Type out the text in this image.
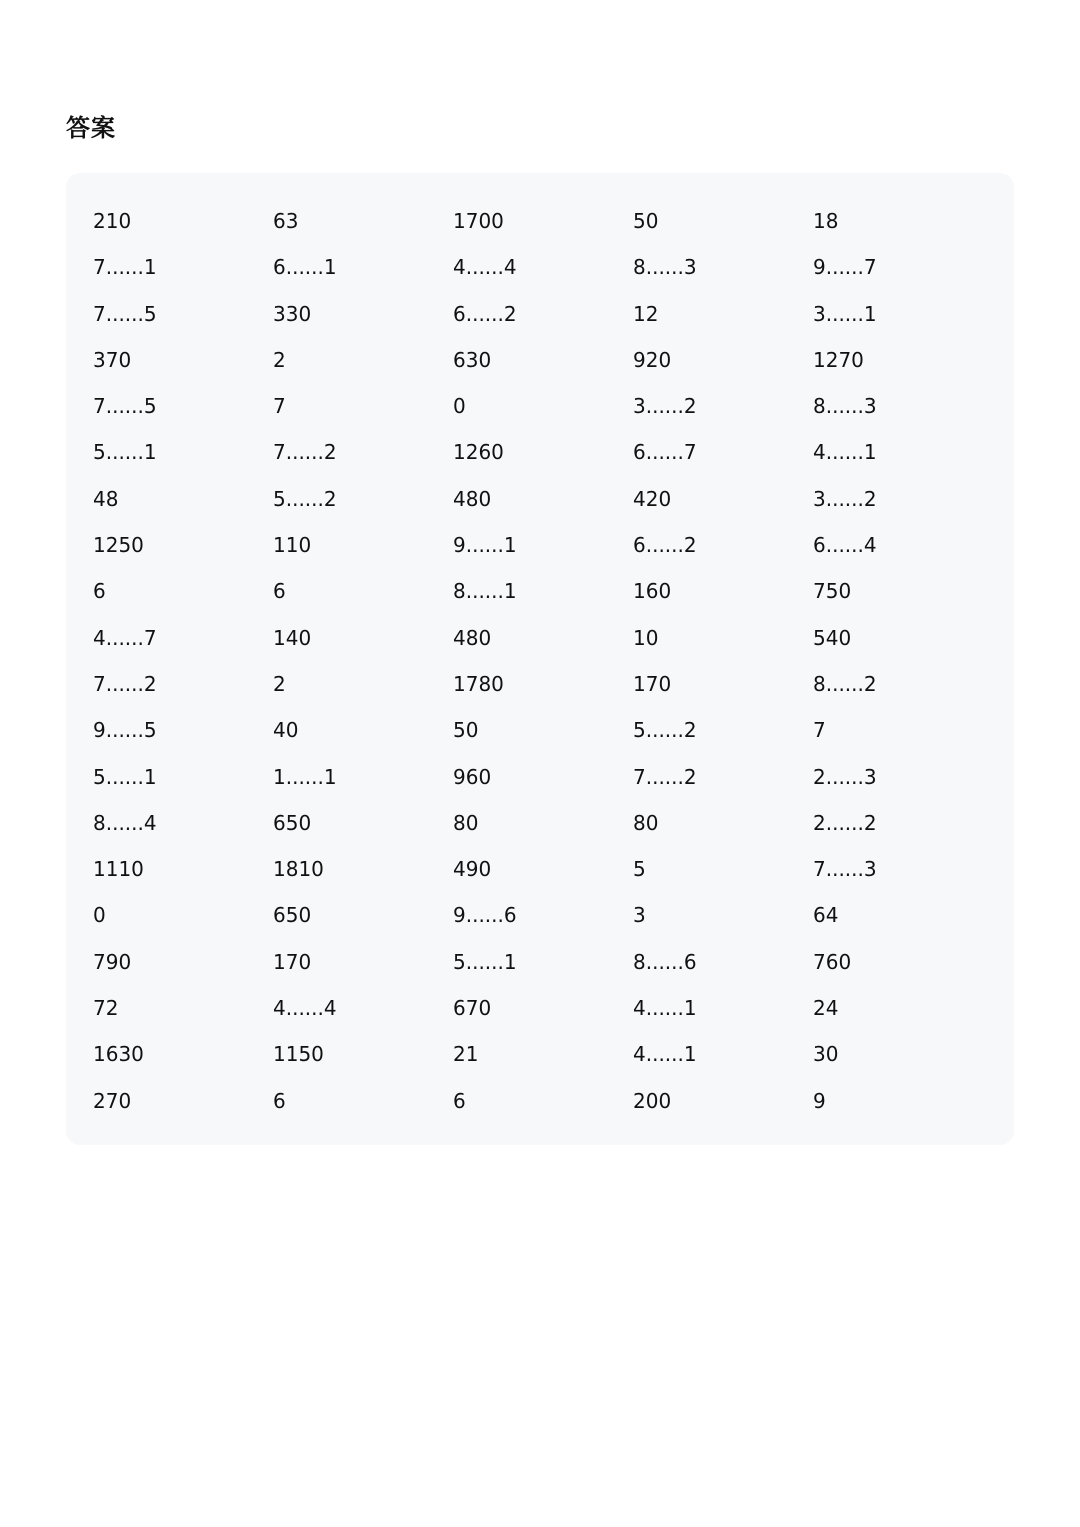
答案
210	63	1700	50	18
7......1	6......1	4......4	8......3	9......7
7......5	330	6......2	12	3......1
370	2	630	920	1270
7......5	7	0	3......2	8......3
5......1	7......2	1260	6......7	4......1
48	5......2	480	420	3......2
1250	110	9......1	6......2	6......4
6	6	8......1	160	750
4......7	140	480	10	540
7......2	2	1780	170	8......2
9......5	40	50	5......2	7
5......1	1......1	960	7......2	2......3
8......4	650	80	80	2......2
1110	1810	490	5	7......3
0	650	9......6	3	64
790	170	5......1	8......6	760
72	4......4	670	4......1	24
1630	1150	21	4......1	30
270	6	6	200	9
